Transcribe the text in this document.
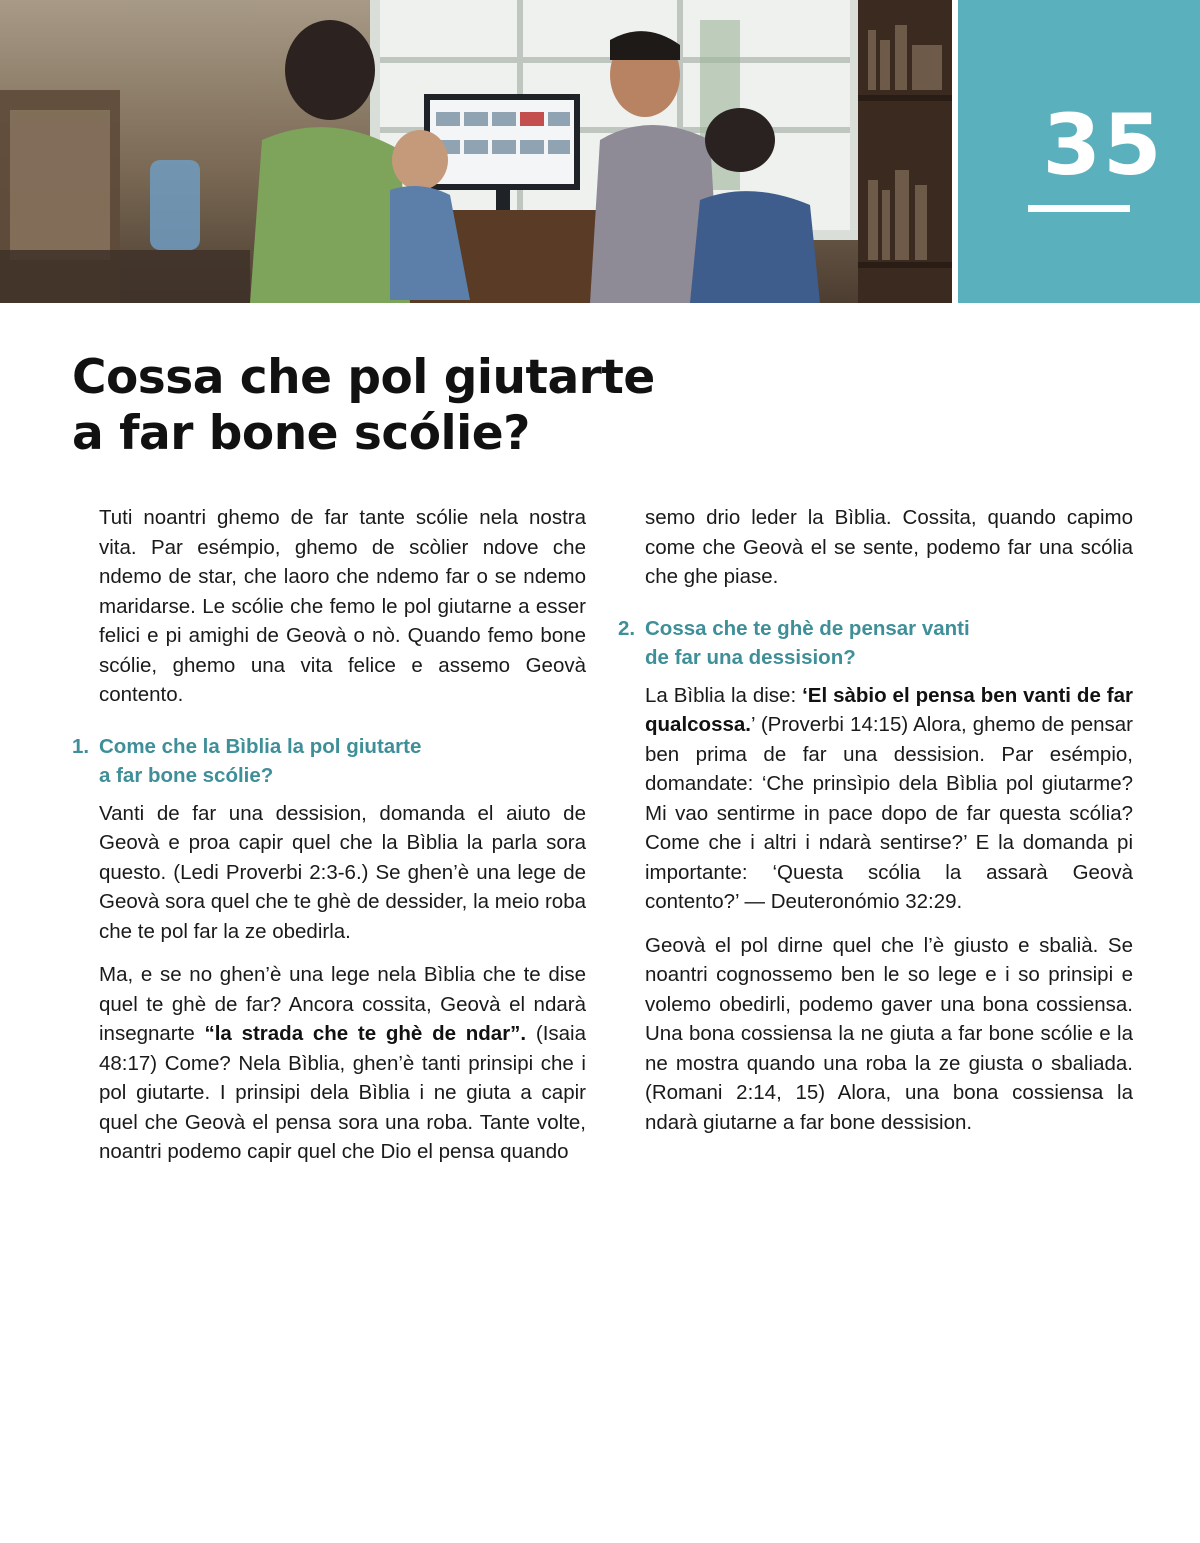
35
Cossa che pol giutarte
a far bone scólie?

Tuti noantri ghemo de far tante scólie nela nostra vita. Par esémpio, ghemo de scòlier ndove che ndemo de star, che laoro che ndemo far o se ndemo maridarse. Le scólie che femo le pol giutarne a esser felici e pi amighi de Geovà o nò. Quando femo bone scólie, ghemo una vita felice e assemo Geovà contento.

1. Come che la Bìblia la pol giutarte
a far bone scólie?

Vanti de far una dessision, domanda el aiuto de Geovà e proa capir quel che la Bìblia la parla sora questo. (Ledi Proverbi 2:3-6.) Se ghen’è una lege de Geovà sora quel che te ghè de dessider, la meio roba che te pol far la ze obedirla.

Ma, e se no ghen’è una lege nela Bìblia che te dise quel te ghè de far? Ancora cossita, Geovà el ndarà insegnarte “la strada che te ghè de ndar”. (Isaia 48:17) Come? Nela Bìblia, ghen’è tanti prinsipi che i pol giutarte. I prinsipi dela Bìblia i ne giuta a capir quel che Geovà el pensa sora una roba. Tante volte, noantri podemo capir quel che Dio el pensa quando

semo drio leder la Bìblia. Cossita, quando capimo come che Geovà el se sente, podemo far una scólia che ghe piase.

2. Cossa che te ghè de pensar vanti
de far una dessision?

La Bìblia la dise: ‘El sàbio el pensa ben vanti de far qualcossa.’ (Proverbi 14:15) Alora, ghemo de pensar ben prima de far una dessision. Par esémpio, domandate: ‘Che prinsìpio dela Bìblia pol giutarme? Mi vao sentirme in pace dopo de far questa scólia? Come che i altri i ndarà sentirse?’ E la domanda pi importante: ‘Questa scólia la assarà Geovà contento?’ — Deuteronómio 32:29.

Geovà el pol dirne quel che l’è giusto e sbalià. Se noantri cognossemo ben le so lege e i so prinsipi e volemo obedirli, podemo gaver una bona cossiensa. Una bona cossiensa la ne giuta a far bone scólie e la ne mostra quando una roba la ze giusta o sbaliada. (Romani 2:14, 15) Alora, una bona cossiensa la ndarà giutarne a far bone dessision.
